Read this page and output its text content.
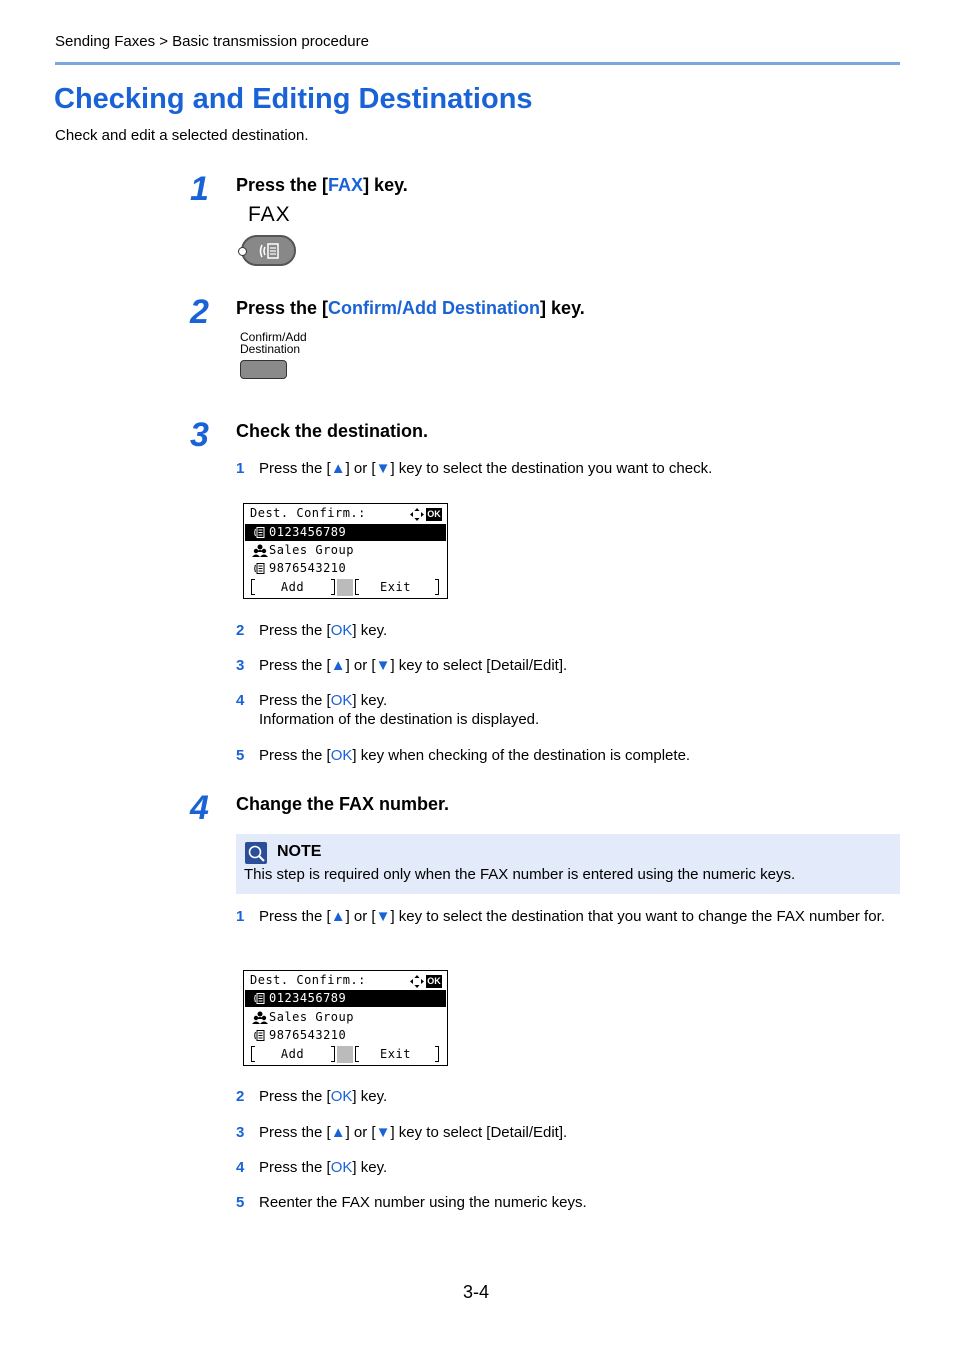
Sending Faxes > Basic transmission procedure
Checking and Editing Destinations
Check and edit a selected destination.
1 Press the [FAX] key.
FAX
2 Press the [Confirm/Add Destination] key.
Confirm/Add
Destination
3 Check the destination.
1 Press the [▲] or [▼] key to select the destination you want to check.
Dest. Confirm.:	OK
0123456789
Sales Group
9876543210
Add	Exit
2 Press the [OK] key.
3 Press the [▲] or [▼] key to select [Detail/Edit].
4 Press the [OK] key.
Information of the destination is displayed.
5 Press the [OK] key when checking of the destination is complete.
4 Change the FAX number.
NOTE
This step is required only when the FAX number is entered using the numeric keys.
1 Press the [▲] or [▼] key to select the destination that you want to change the FAX number for.
Dest. Confirm.:	OK
0123456789
Sales Group
9876543210
Add	Exit
2 Press the [OK] key.
3 Press the [▲] or [▼] key to select [Detail/Edit].
4 Press the [OK] key.
5 Reenter the FAX number using the numeric keys.
3-4
